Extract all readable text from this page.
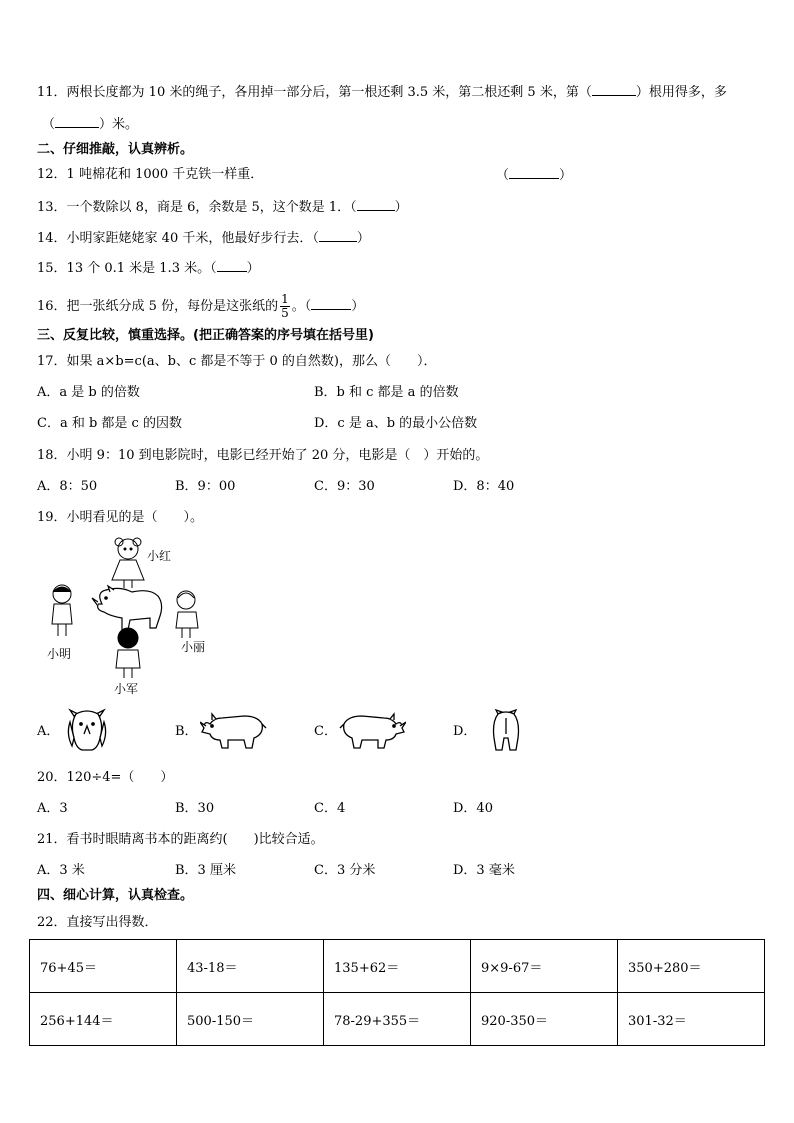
11．两根长度都为 10 米的绳子，各用掉一部分后，第一根还剩 3.5 米，第二根还剩 5 米，第（	）根用得多，多
（	）米。
二、仔细推敲，认真辨析。
12．1 吨棉花和 1000 千克铁一样重．	（	）
13．一个数除以 8，商是 6，余数是 5，这个数是 1．（	）
14．小明家距姥姥家 40 千米，他最好步行去．（	）
15．13 个 0.1 米是 1.3 米。（ ）
16．把一张纸分成 5 份，每份是这张纸的 $\frac{1}{5}$ 。（	）
三、反复比较，慎重选择。(把正确答案的序号填在括号里)
17．如果 a×b=c(a、b、c 都是不等于 0 的自然数)，那么（　　）．
A．a 是 b 的倍数	B．b 和 c 都是 a 的倍数
C．a 和 b 都是 c 的因数	D．c 是 a、b 的最小公倍数
18．小明 9：10 到电影院时，电影已经开始了 20 分，电影是（　）开始的。
A．8：50	B．9：00	C．9：30	D．8：40
19．小明看见的是（　　）。
小红
小明	小丽
小军
A．	B．	C．	D．
20．120÷4=（　　）
A．3	B．30	C．4	D．40
21．看书时眼睛离书本的距离约(　　)比较合适。
A．3 米	B．3 厘米	C．3 分米	D．3 毫米
四、细心计算，认真检查。
22．直接写出得数．
76+45＝	43-18＝	135+62＝	9×9-67＝	350+280＝
256+144＝	500-150＝	78-29+355＝	920-350＝	301-32＝
